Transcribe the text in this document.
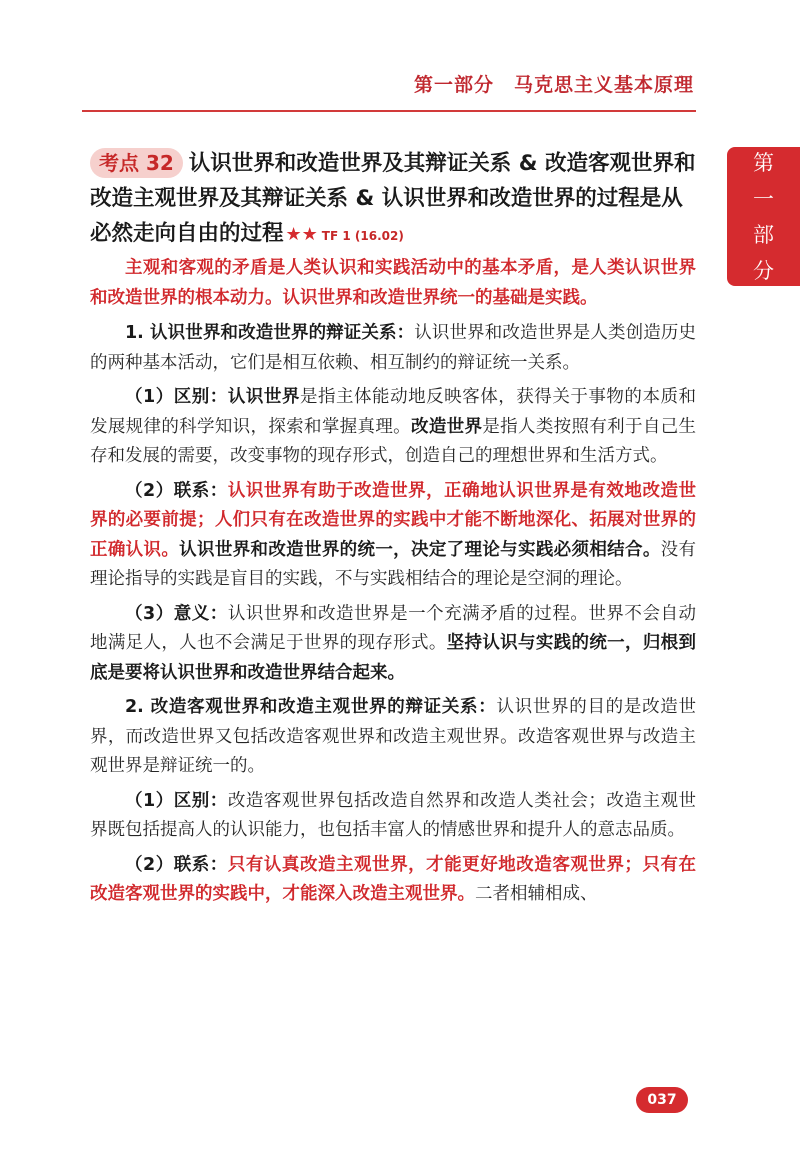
第一部分　马克思主义基本原理
第
一
部
分
考点 32 认识世界和改造世界及其辩证关系 & 改造客观世界和改造主观世界及其辩证关系 & 认识世界和改造世界的过程是从必然走向自由的过程 ★★ TF 1 (16.02)

主观和客观的矛盾是人类认识和实践活动中的基本矛盾，是人类认识世界和改造世界的根本动力。认识世界和改造世界统一的基础是实践。

1. 认识世界和改造世界的辩证关系：认识世界和改造世界是人类创造历史的两种基本活动，它们是相互依赖、相互制约的辩证统一关系。

（1）区别：认识世界是指主体能动地反映客体，获得关于事物的本质和发展规律的科学知识，探索和掌握真理。改造世界是指人类按照有利于自己生存和发展的需要，改变事物的现存形式，创造自己的理想世界和生活方式。

（2）联系：认识世界有助于改造世界，正确地认识世界是有效地改造世界的必要前提；人们只有在改造世界的实践中才能不断地深化、拓展对世界的正确认识。认识世界和改造世界的统一，决定了理论与实践必须相结合。没有理论指导的实践是盲目的实践，不与实践相结合的理论是空洞的理论。

（3）意义：认识世界和改造世界是一个充满矛盾的过程。世界不会自动地满足人，人也不会满足于世界的现存形式。坚持认识与实践的统一，归根到底是要将认识世界和改造世界结合起来。

2. 改造客观世界和改造主观世界的辩证关系：认识世界的目的是改造世界，而改造世界又包括改造客观世界和改造主观世界。改造客观世界与改造主观世界是辩证统一的。

（1）区别：改造客观世界包括改造自然界和改造人类社会；改造主观世界既包括提高人的认识能力，也包括丰富人的情感世界和提升人的意志品质。

（2）联系：只有认真改造主观世界，才能更好地改造客观世界；只有在改造客观世界的实践中，才能深入改造主观世界。二者相辅相成、

037
